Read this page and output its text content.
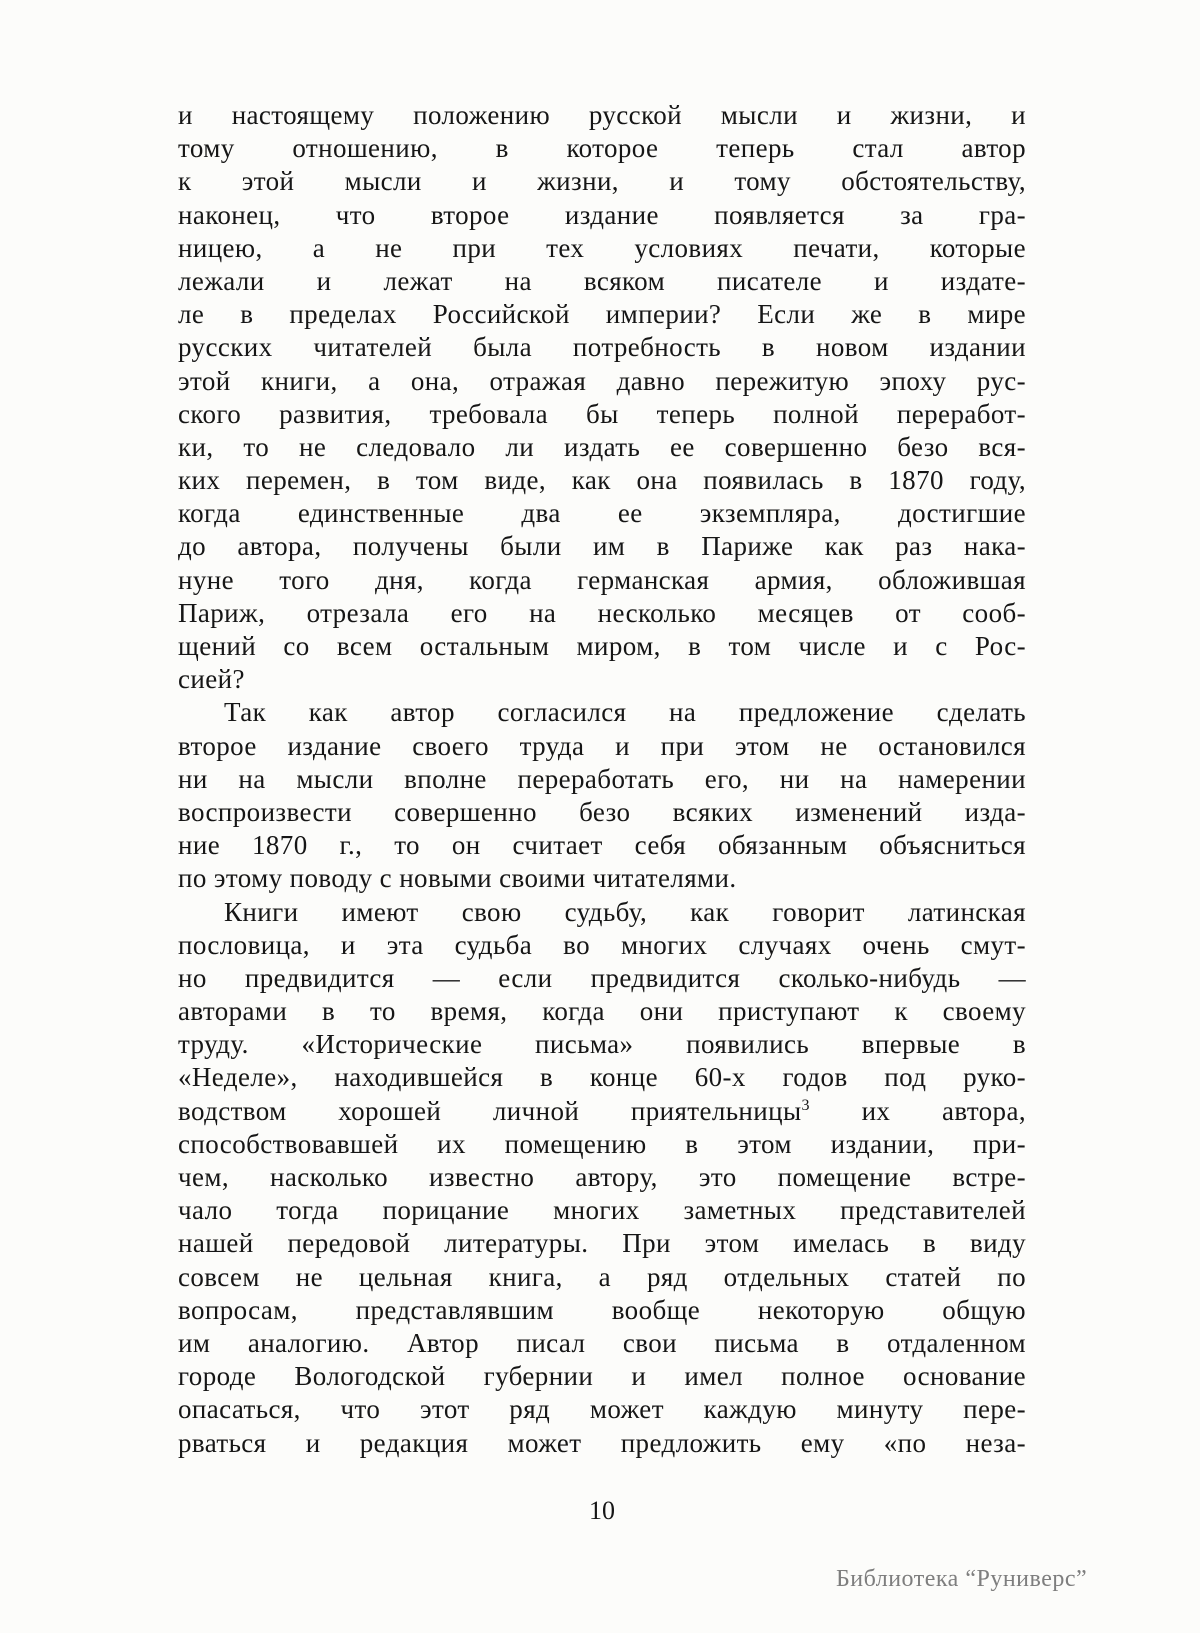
и настоящему положению русской мысли и жизни, и
тому отношению, в которое теперь стал автор
к этой мысли и жизни, и тому обстоятельству,
наконец, что второе издание появляется за гра-
ницею, а не при тех условиях печати, которые
лежали и лежат на всяком писателе и издате-
ле в пределах Российской империи? Если же в мире
русских читателей была потребность в новом издании
этой книги, а она, отражая давно пережитую эпоху рус-
ского развития, требовала бы теперь полной переработ-
ки, то не следовало ли издать ее совершенно безо вся-
ких перемен, в том виде, как она появилась в 1870 году,
когда единственные два ее экземпляра, достигшие
до автора, получены были им в Париже как раз нака-
нуне того дня, когда германская армия, обложившая
Париж, отрезала его на несколько месяцев от сооб-
щений со всем остальным миром, в том числе и с Рос-
сией?
Так как автор согласился на предложение сделать
второе издание своего труда и при этом не остановился
ни на мысли вполне переработать его, ни на намерении
воспроизвести совершенно безо всяких изменений изда-
ние 1870 г., то он считает себя обязанным объясниться
по этому поводу с новыми своими читателями.
Книги имеют свою судьбу, как говорит латинская
пословица, и эта судьба во многих случаях очень смут-
но предвидится — если предвидится сколько-нибудь —
авторами в то время, когда они приступают к своему
труду. «Исторические письма» появились впервые в
«Неделе», находившейся в конце 60-х годов под руко-
водством хорошей личной приятельницы$^3$ их автора,
способствовавшей их помещению в этом издании, при-
чем, насколько известно автору, это помещение встре-
чало тогда порицание многих заметных представителей
нашей передовой литературы. При этом имелась в виду
совсем не цельная книга, а ряд отдельных статей по
вопросам, представлявшим вообще некоторую общую
им аналогию. Автор писал свои письма в отдаленном
городе Вологодской губернии и имел полное основание
опасаться, что этот ряд может каждую минуту пере-
рваться и редакция может предложить ему «по неза-
10
Библиотека “Руниверс”
